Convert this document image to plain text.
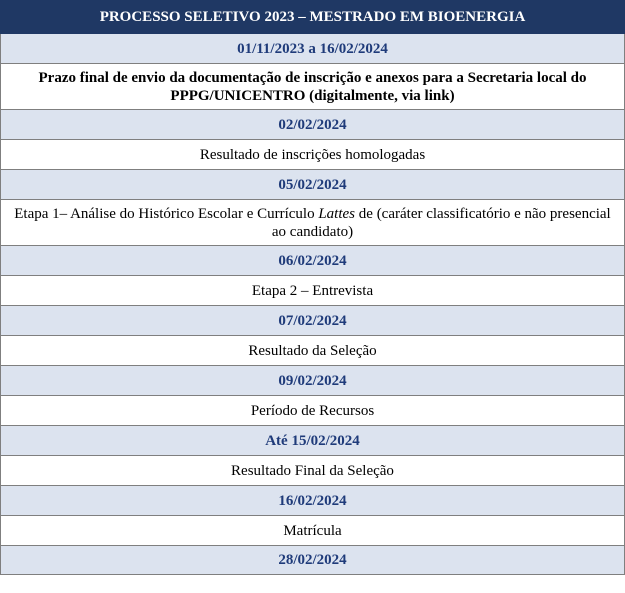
PROCESSO SELETIVO 2023 – MESTRADO EM BIOENERGIA
01/11/2023 a 16/02/2024
Prazo final de envio da documentação de inscrição e anexos para a Secretaria local do PPPG/UNICENTRO (digitalmente, via link)
02/02/2024
Resultado de inscrições homologadas
05/02/2024
Etapa 1– Análise do Histórico Escolar e Currículo Lattes de (caráter classificatório e não presencial ao candidato)
06/02/2024
Etapa 2 – Entrevista
07/02/2024
Resultado da Seleção
09/02/2024
Período de Recursos
Até 15/02/2024
Resultado Final da Seleção
16/02/2024
Matrícula
28/02/2024
